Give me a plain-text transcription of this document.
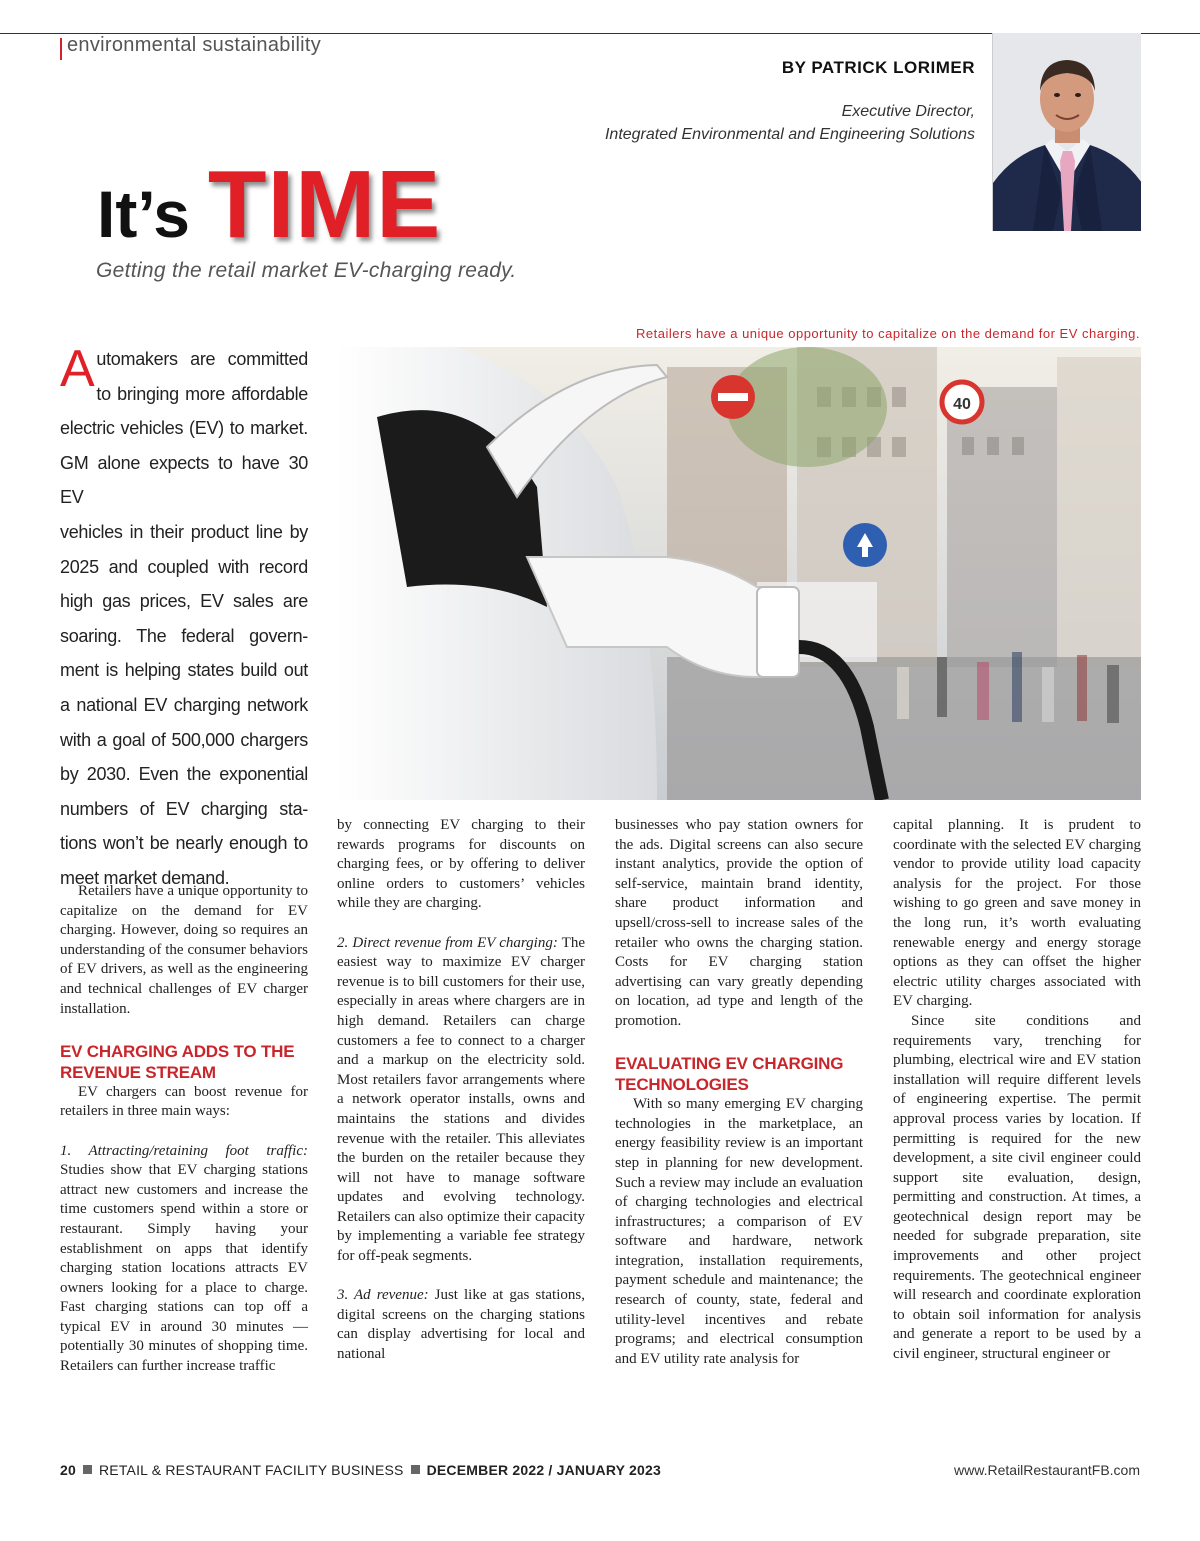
environmental sustainability
BY PATRICK LORIMER
Executive Director,
Integrated Environmental and Engineering Solutions
It’s TIME
Getting the retail market EV-charging ready.
Retailers have a unique opportunity to capitalize on the demand for EV charging.
40
A utomakers are committed
to bringing more affordable
electric vehicles (EV) to market.
GM alone expects to have 30 EV
vehicles in their product line by
2025 and coupled with record
high gas prices, EV sales are
soaring. The federal govern-
ment is helping states build out
a national EV charging network
with a goal of 500,000 chargers
by 2030. Even the exponential
numbers of EV charging sta-
tions won’t be nearly enough to
meet market demand.

Retailers have a unique opportunity to capitalize on the demand for EV charging. However, doing so requires an understanding of the consumer behaviors of EV drivers, as well as the engineering and technical challenges of EV charger installation.

EV CHARGING ADDS TO THE REVENUE STREAM

EV chargers can boost revenue for retailers in three main ways:

1. Attracting/retaining foot traffic: Studies show that EV charging stations attract new customers and increase the time customers spend within a store or restaurant. Simply having your establishment on apps that identify charging station locations attracts EV owners looking for a place to charge. Fast charging stations can top off a typical EV in around 30 minutes — potentially 30 minutes of shopping time. Retailers can further increase traffic

by connecting EV charging to their rewards programs for discounts on charging fees, or by offering to deliver online orders to customers’ vehicles while they are charging.

2. Direct revenue from EV charging: The easiest way to maximize EV charger revenue is to bill customers for their use, especially in areas where chargers are in high demand. Retailers can charge customers a fee to connect to a charger and a markup on the electricity sold. Most retailers favor arrangements where a network operator installs, owns and maintains the stations and divides revenue with the retailer. This alleviates the burden on the retailer because they will not have to manage software updates and evolving technology. Retailers can also optimize their capacity by implementing a variable fee strategy for off-peak segments.

3. Ad revenue: Just like at gas stations, digital screens on the charging stations can display advertising for local and national

businesses who pay station owners for the ads. Digital screens can also secure instant analytics, provide the option of self-service, maintain brand identity, share product information and upsell/cross-sell to increase sales of the retailer who owns the charging station. Costs for EV charging station advertising can vary greatly depending on location, ad type and length of the promotion.

EVALUATING EV CHARGING TECHNOLOGIES

With so many emerging EV charging technologies in the marketplace, an energy feasibility review is an important step in planning for new development. Such a review may include an evaluation of charging technologies and electrical infrastructures; a comparison of EV software and hardware, network integration, installation requirements, payment schedule and maintenance; the research of county, state, federal and utility-level incentives and rebate programs; and electrical consumption and EV utility rate analysis for

capital planning. It is prudent to coordinate with the selected EV charging vendor to provide utility load capacity analysis for the project. For those wishing to go green and save money in the long run, it’s worth evaluating renewable energy and energy storage options as they can offset the higher electric utility charges associated with EV charging.

Since site conditions and requirements vary, trenching for plumbing, electrical wire and EV station installation will require different levels of engineering expertise. The permit approval process varies by location. If permitting is required for the new development, a site civil engineer could support site evaluation, design, permitting and construction. At times, a geotechnical design report may be needed for subgrade preparation, site improvements and other project requirements. The geotechnical engineer will research and coordinate exploration to obtain soil information for analysis and generate a report to be used by a civil engineer, structural engineer or

20 RETAIL & RESTAURANT FACILITY BUSINESS DECEMBER 2022 / JANUARY 2023	www.RetailRestaurantFB.com
